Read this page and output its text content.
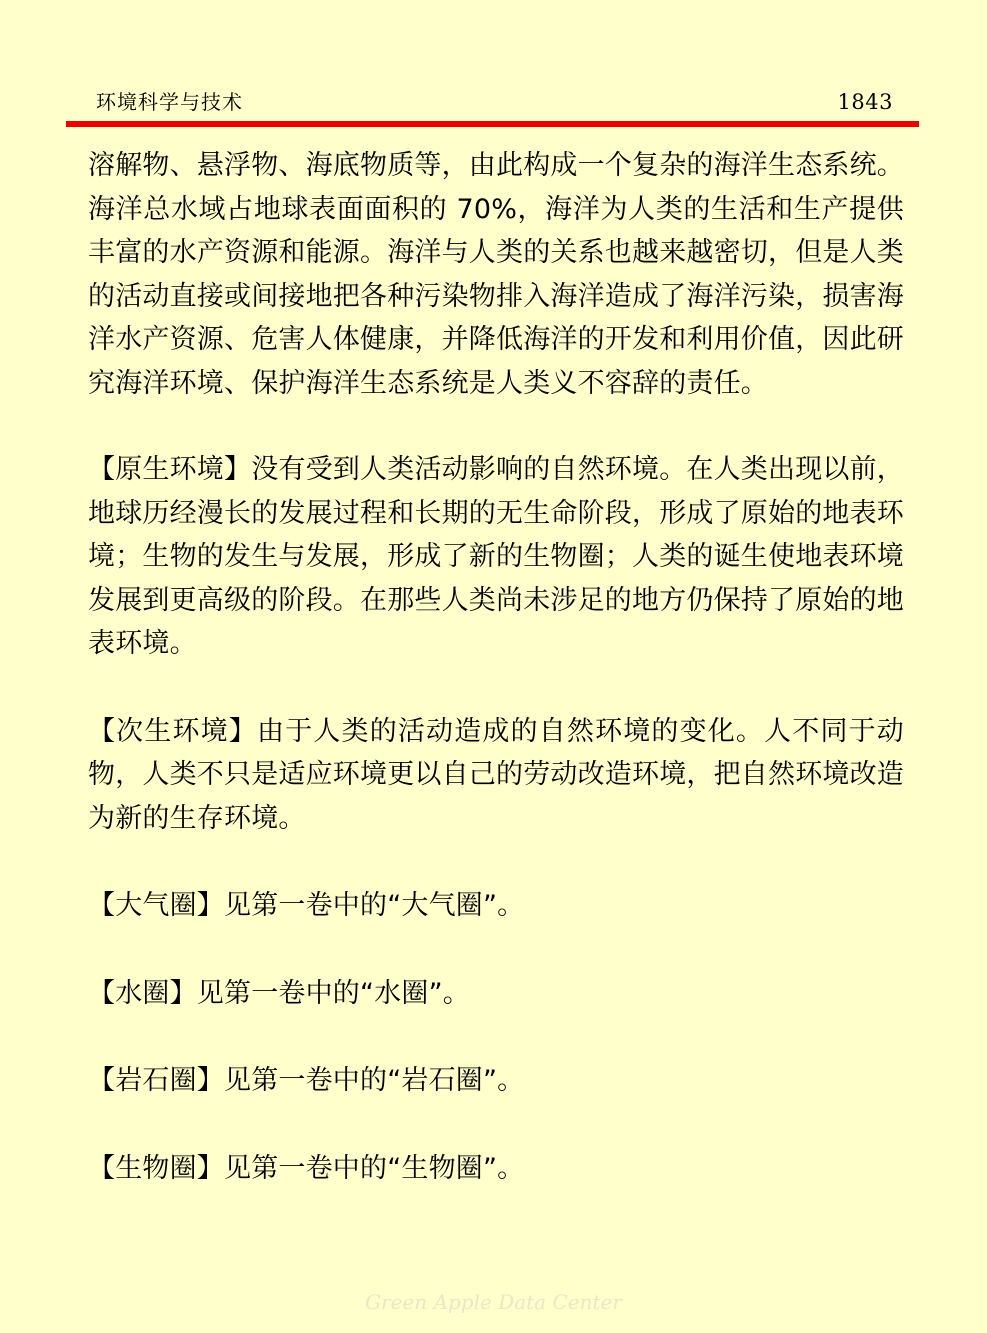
环境科学与技术	1843

溶解物、悬浮物、海底物质等，由此构成一个复杂的海洋生态系统。海洋总水域占地球表面面积的 70%，海洋为人类的生活和生产提供丰富的水产资源和能源。海洋与人类的关系也越来越密切，但是人类的活动直接或间接地把各种污染物排入海洋造成了海洋污染，损害海洋水产资源、危害人体健康，并降低海洋的开发和利用价值，因此研究海洋环境、保护海洋生态系统是人类义不容辞的责任。

【原生环境】没有受到人类活动影响的自然环境。在人类出现以前，地球历经漫长的发展过程和长期的无生命阶段，形成了原始的地表环境；生物的发生与发展，形成了新的生物圈；人类的诞生使地表环境发展到更高级的阶段。在那些人类尚未涉足的地方仍保持了原始的地表环境。

【次生环境】由于人类的活动造成的自然环境的变化。人不同于动物，人类不只是适应环境更以自己的劳动改造环境，把自然环境改造为新的生存环境。

【大气圈】见第一卷中的“大气圈”。

【水圈】见第一卷中的“水圈”。

【岩石圈】见第一卷中的“岩石圈”。

【生物圈】见第一卷中的“生物圈”。

Green Apple Data Center
